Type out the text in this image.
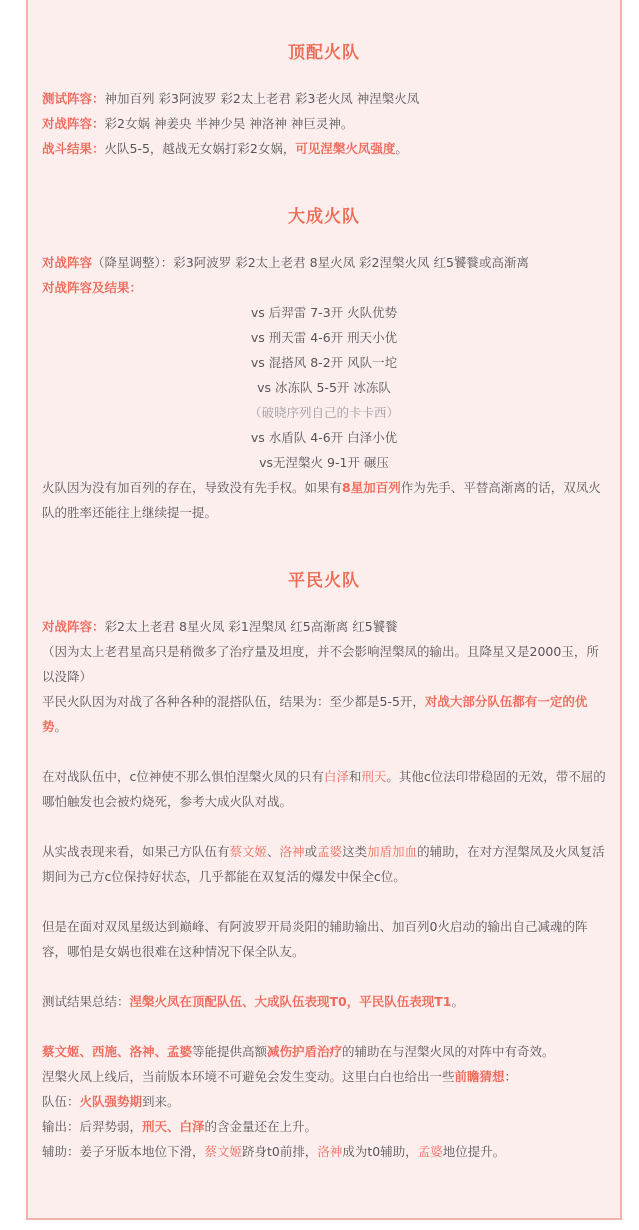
顶配火队
测试阵容：神加百列 彩3阿波罗 彩2太上老君 彩3老火凤 神涅槃火凤
对战阵容：彩2女娲 神姜央 半神少昊 神洛神 神巨灵神。
战斗结果：火队5-5，越战无女娲打彩2女娲，可见涅槃火凤强度。
大成火队
对战阵容（降星调整）：彩3阿波罗 彩2太上老君 8星火凤 彩2涅槃火凤 红5饕餮或高渐离
对战阵容及结果：
vs 后羿雷 7-3开 火队优势
vs 刑天雷 4-6开 刑天小优
vs 混搭风 8-2开 风队一坨
vs 冰冻队 5-5开 冰冻队
（破晓序列自己的卡卡西）
vs 水盾队 4-6开 白泽小优
vs无涅槃火 9-1开 碾压
火队因为没有加百列的存在，导致没有先手权。如果有8星加百列作为先手、平替高渐离的话，双凤火队的胜率还能往上继续提一提。
平民火队
对战阵容：彩2太上老君 8星火凤 彩1涅槃凤 红5高渐离 红5饕餮
（因为太上老君星高只是稍微多了治疗量及坦度，并不会影响涅槃凤的输出。且降星又是2000玉，所以没降）
平民火队因为对战了各种各种的混搭队伍，结果为：至少都是5-5开，对战大部分队伍都有一定的优势。
在对战队伍中，c位神使不那么惧怕涅槃火凤的只有白泽和刑天。其他c位法印带稳固的无效，带不屈的哪怕触发也会被灼烧死，参考大成火队对战。
从实战表现来看，如果己方队伍有蔡文姬、洛神或孟婆这类加盾加血的辅助，在对方涅槃凤及火凤复活期间为己方c位保持好状态，几乎都能在双复活的爆发中保全c位。
但是在面对双凤星级达到巅峰、有阿波罗开局炎阳的辅助输出、加百列0火启动的输出自己减魂的阵容，哪怕是女娲也很难在这种情况下保全队友。
测试结果总结：涅槃火凤在顶配队伍、大成队伍表现T0，平民队伍表现T1。
蔡文姬、西施、洛神、孟婆等能提供高额减伤护盾治疗的辅助在与涅槃火凤的对阵中有奇效。
涅槃火凤上线后，当前版本环境不可避免会发生变动。这里白白也给出一些前瞻猜想：
队伍：火队强势期到来。
输出：后羿势弱，刑天、白泽的含金量还在上升。
辅助：姜子牙版本地位下滑，蔡文姬跻身t0前排，洛神成为t0辅助，孟婆地位提升。
